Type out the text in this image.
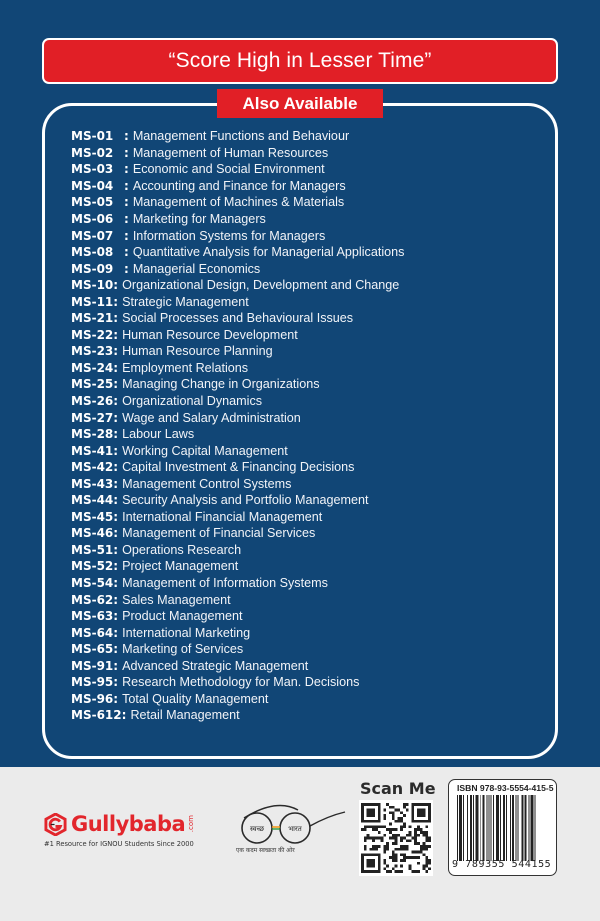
“Score High in Lesser Time”
Also Available
MS-01 : Management Functions and Behaviour
MS-02 : Management of Human Resources
MS-03 : Economic and Social Environment
MS-04 : Accounting and Finance for Managers
MS-05 : Management of Machines & Materials
MS-06 : Marketing for Managers
MS-07 : Information Systems for Managers
MS-08 : Quantitative Analysis for Managerial Applications
MS-09 : Managerial Economics
MS-10 : Organizational Design, Development and Change
MS-11 : Strategic Management
MS-21 : Social Processes and Behavioural Issues
MS-22 : Human Resource Development
MS-23 : Human Resource Planning
MS-24 : Employment Relations
MS-25 : Managing Change in Organizations
MS-26 : Organizational Dynamics
MS-27 : Wage and Salary Administration
MS-28 : Labour Laws
MS-41 : Working Capital Management
MS-42 : Capital Investment & Financing Decisions
MS-43 : Management Control Systems
MS-44 : Security Analysis and Portfolio Management
MS-45 : International Financial Management
MS-46 : Management of Financial Services
MS-51 : Operations Research
MS-52 : Project Management
MS-54 : Management of Information Systems
MS-62 : Sales Management
MS-63 : Product Management
MS-64 : International Marketing
MS-65 : Marketing of Services
MS-91 : Advanced Strategic Management
MS-95 : Research Methodology for Man. Decisions
MS-96 : Total Quality Management
MS-612 : Retail Management
Gullybaba .com
#1 Resource for IGNOU Students Since 2000
स्वच्छ	भारत
एक कदम स्वच्छता की ओर
Scan Me ISBN 978-93-5554-415-5
9 789355 544155
